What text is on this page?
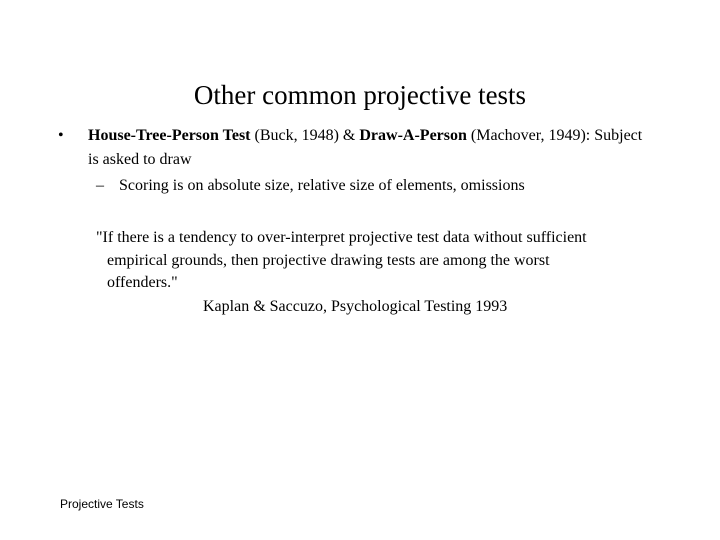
Other common projective tests
• House-Tree-Person Test (Buck, 1948) & Draw-A-Person (Machover, 1949): Subject is asked to draw
– Scoring is on absolute size, relative size of elements, omissions
"If there is a tendency to over-interpret projective test data without sufficient
empirical grounds, then projective drawing tests are among the worst
offenders."
Kaplan & Saccuzo, Psychological Testing 1993
Projective Tests
